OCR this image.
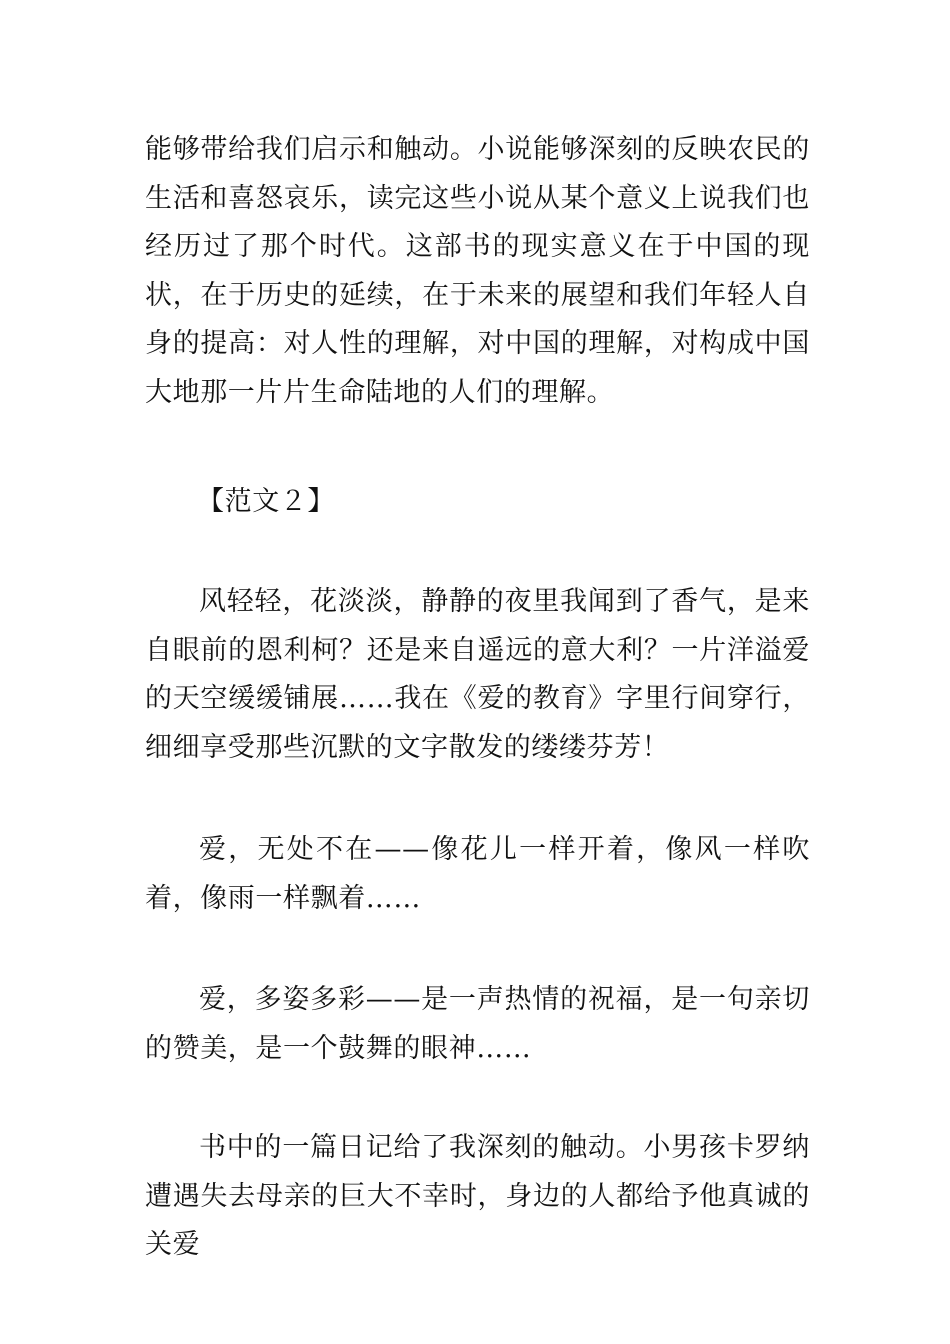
能够带给我们启示和触动。小说能够深刻的反映农民的生活和喜怒哀乐，读完这些小说从某个意义上说我们也经历过了那个时代。这部书的现实意义在于中国的现状，在于历史的延续，在于未来的展望和我们年轻人自身的提高：对人性的理解，对中国的理解，对构成中国大地那一片片生命陆地的人们的理解。

【范文２】

风轻轻，花淡淡，静静的夜里我闻到了香气，是来自眼前的恩利柯？还是来自遥远的意大利？一片洋溢爱的天空缓缓铺展……我在《爱的教育》字里行间穿行，细细享受那些沉默的文字散发的缕缕芬芳！

爱，无处不在——像花儿一样开着，像风一样吹着，像雨一样飘着……

爱，多姿多彩——是一声热情的祝福，是一句亲切的赞美，是一个鼓舞的眼神……

书中的一篇日记给了我深刻的触动。小男孩卡罗纳遭遇失去母亲的巨大不幸时，身边的人都给予他真诚的关爱
